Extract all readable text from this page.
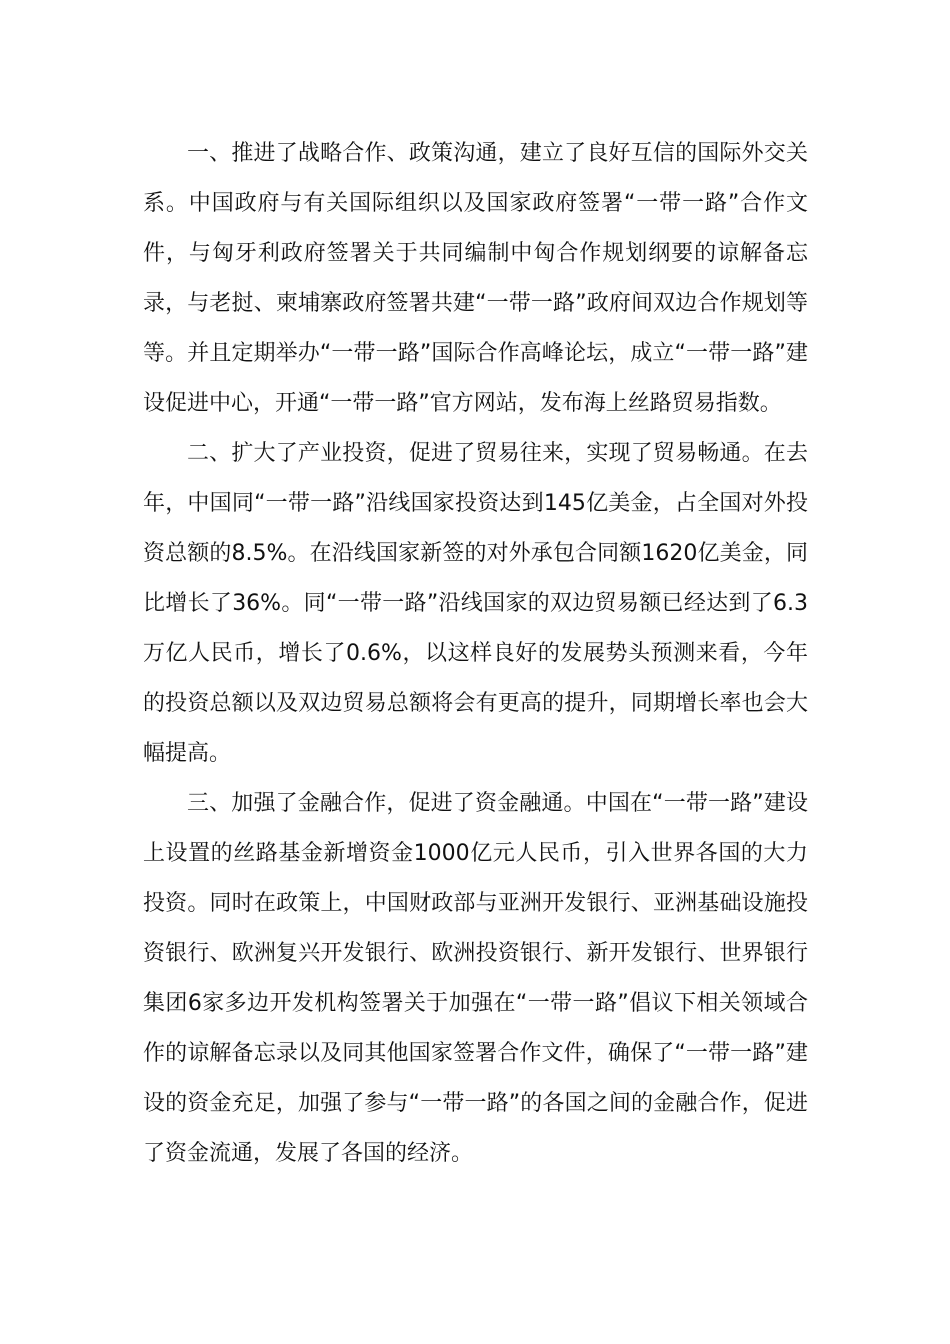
一、推进了战略合作、政策沟通，建立了良好互信的国际外交关系。中国政府与有关国际组织以及国家政府签署“一带一路”合作文件，与匈牙利政府签署关于共同编制中匈合作规划纲要的谅解备忘录，与老挝、柬埔寨政府签署共建“一带一路”政府间双边合作规划等等。并且定期举办“一带一路”国际合作高峰论坛，成立“一带一路”建设促进中心，开通“一带一路”官方网站，发布海上丝路贸易指数。

二、扩大了产业投资，促进了贸易往来，实现了贸易畅通。在去年，中国同“一带一路”沿线国家投资达到145亿美金，占全国对外投资总额的8.5%。在沿线国家新签的对外承包合同额1620亿美金，同比增长了36%。同“一带一路”沿线国家的双边贸易额已经达到了6.3万亿人民币，增长了0.6%，以这样良好的发展势头预测来看，今年的投资总额以及双边贸易总额将会有更高的提升，同期增长率也会大幅提高。

三、加强了金融合作，促进了资金融通。中国在“一带一路”建设上设置的丝路基金新增资金1000亿元人民币，引入世界各国的大力投资。同时在政策上，中国财政部与亚洲开发银行、亚洲基础设施投资银行、欧洲复兴开发银行、欧洲投资银行、新开发银行、世界银行集团6家多边开发机构签署关于加强在“一带一路”倡议下相关领域合作的谅解备忘录以及同其他国家签署合作文件，确保了“一带一路”建设的资金充足，加强了参与“一带一路”的各国之间的金融合作，促进了资金流通，发展了各国的经济。
